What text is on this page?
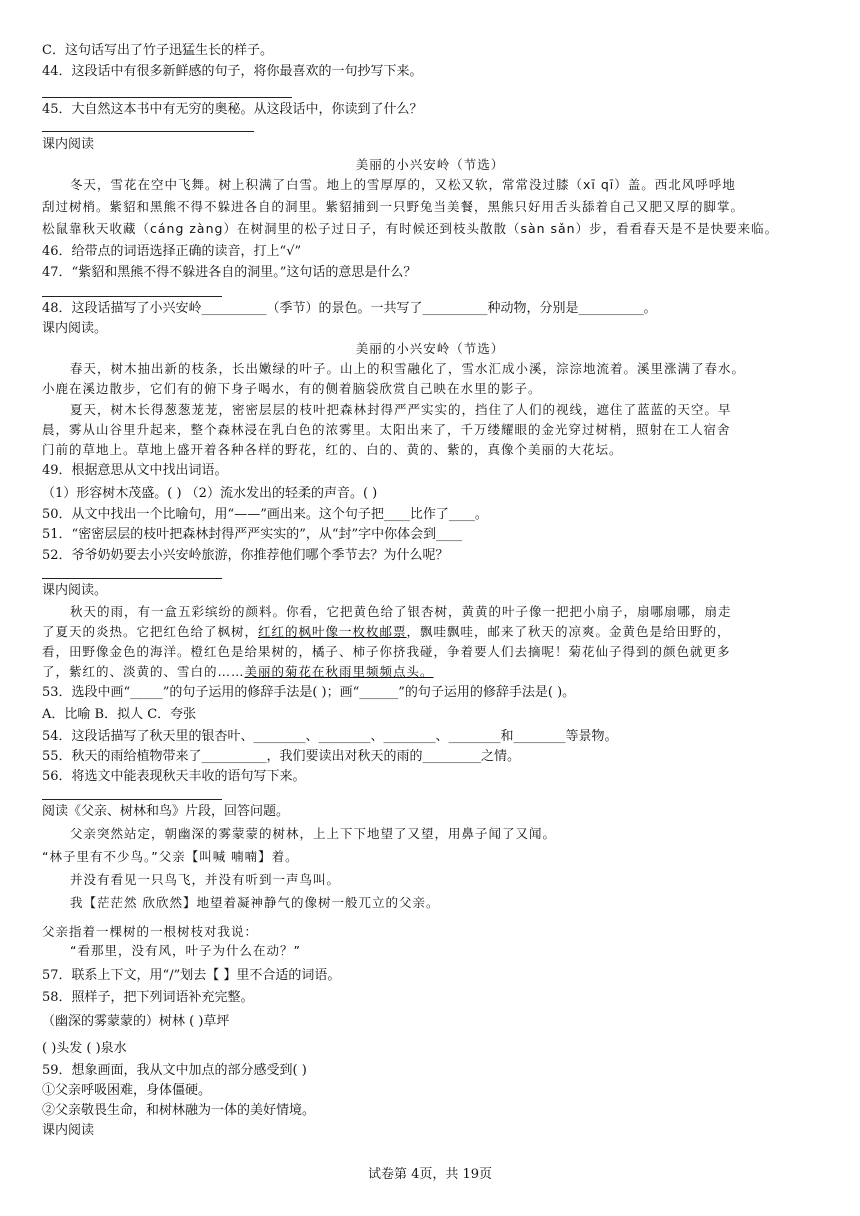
C．这句话写出了竹子迅猛生长的样子。
44．这段话中有很多新鲜感的句子，将你最喜欢的一句抄写下来。
45．大自然这本书中有无穷的奥秘。从这段话中，你读到了什么？
课内阅读
美丽的小兴安岭（节选）
冬天，雪花在空中飞舞。树上积满了白雪。地上的雪厚厚的，又松又软，常常没过膝（xī qī）盖。西北风呼呼地
刮过树梢。紫貂和黑熊不得不躲进各自的洞里。紫貂捕到一只野兔当美餐，黑熊只好用舌头舔着自己又肥又厚的脚掌。
松鼠靠秋天收藏（cáng zàng）在树洞里的松子过日子，有时候还到枝头散散（sàn sǎn）步，看看春天是不是快要来临。
46．给带点的词语选择正确的读音，打上“√”
47．“紫貂和黑熊不得不躲进各自的洞里。”这句话的意思是什么？
48．这段话描写了小兴安岭__________（季节）的景色。一共写了__________种动物，分别是__________。
课内阅读。
美丽的小兴安岭（节选）
春天，树木抽出新的枝条，长出嫩绿的叶子。山上的积雪融化了，雪水汇成小溪，淙淙地流着。溪里涨满了春水。
小鹿在溪边散步，它们有的俯下身子喝水，有的侧着脑袋欣赏自己映在水里的影子。
夏天，树木长得葱葱茏茏，密密层层的枝叶把森林封得严严实实的，挡住了人们的视线，遮住了蓝蓝的天空。早
晨，雾从山谷里升起来，整个森林浸在乳白色的浓雾里。太阳出来了，千万缕耀眼的金光穿过树梢，照射在工人宿舍
门前的草地上。草地上盛开着各种各样的野花，红的、白的、黄的、紫的，真像个美丽的大花坛。
49．根据意思从文中找出词语。
（1）形容树木茂盛。( ) （2）流水发出的轻柔的声音。( )
50．从文中找出一个比喻句，用“——”画出来。这个句子把____比作了____。
51．“密密层层的枝叶把森林封得严严实实的”，从“封”字中你体会到____
52．爷爷奶奶要去小兴安岭旅游，你推荐他们哪个季节去？为什么呢？
课内阅读。
秋天的雨，有一盒五彩缤纷的颜料。你看，它把黄色给了银杏树，黄黄的叶子像一把把小扇子，扇哪扇哪，扇走
了夏天的炎热。它把红色给了枫树，红红的枫叶像一枚枚邮票，飘哇飘哇，邮来了秋天的凉爽。金黄色是给田野的，
看，田野像金色的海洋。橙红色是给果树的，橘子、柿子你挤我碰，争着要人们去摘呢！菊花仙子得到的颜色就更多
了，紫红的、淡黄的、雪白的……美丽的菊花在秋雨里频频点头。
53．选段中画“_____”的句子运用的修辞手法是( )；画“______”的句子运用的修辞手法是( )。
A．比喻 B．拟人 C．夸张
54．这段话描写了秋天里的银杏叶、________、________、________、________和________等景物。
55．秋天的雨给植物带来了__________，我们要读出对秋天的雨的_________之情。
56．将选文中能表现秋天丰收的语句写下来。
阅读《父亲、树林和鸟》片段，回答问题。
父亲突然站定，朝幽深的雾蒙蒙的树林，上上下下地望了又望，用鼻子闻了又闻。
“林子里有不少鸟。”父亲【叫喊 喃喃】着。
并没有看见一只鸟飞，并没有听到一声鸟叫。
我【茫茫然 欣欣然】地望着凝神静气的像树一般兀立的父亲。
父亲指着一棵树的一根树枝对我说：
“看那里，没有风，叶子为什么在动？”
57．联系上下文，用“/”划去【 】里不合适的词语。
58．照样子，把下列词语补充完整。
（幽深的雾蒙蒙的）树林 ( )草坪
( )头发 ( )泉水
59．想象画面，我从文中加点的部分感受到( )
①父亲呼吸困难，身体僵硬。
②父亲敬畏生命，和树林融为一体的美好情境。
课内阅读
试卷第 4页，共 19页
